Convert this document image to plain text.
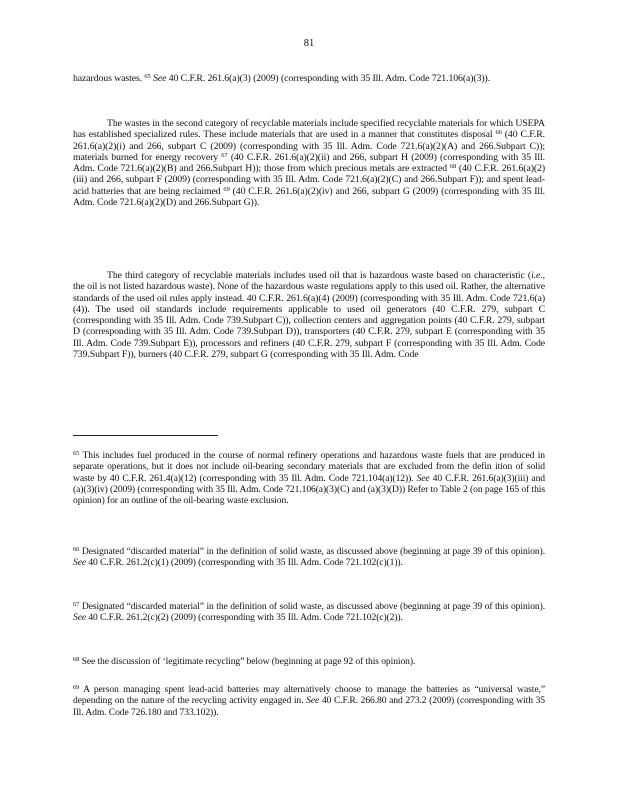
81

hazardous wastes. $^{65}$ See 40 C.F.R. 261.6(a)(3) (2009) (corresponding with 35 Ill. Adm. Code 721.106(a)(3)).

The wastes in the second category of recyclable materials include specified recyclable materials for which USEPA has established specialized rules. These include materials that are used in a manner that constitutes disposal $^{66}$ (40 C.F.R. 261.6(a)(2)(i) and 266, subpart C (2009) (corresponding with 35 Ill. Adm. Code 721.6(a)(2)(A) and 266.Subpart C)); materials burned for energy recovery $^{67}$ (40 C.F.R. 261.6(a)(2)(ii) and 266, subpart H (2009) (corresponding with 35 Ill. Adm. Code 721.6(a)(2)(B) and 266.Subpart H)); those from which precious metals are extracted $^{68}$ (40 C.F.R. 261.6(a)(2)(iii) and 266, subpart F (2009) (corresponding with 35 Ill. Adm. Code 721.6(a)(2)(C) and 266.Subpart F)); and spent lead-acid batteries that are being reclaimed $^{69}$ (40 C.F.R. 261.6(a)(2)(iv) and 266, subpart G (2009) (corresponding with 35 Ill. Adm. Code 721.6(a)(2)(D) and 266.Subpart G)).

The third category of recyclable materials includes used oil that is hazardous waste based on characteristic (i.e., the oil is not listed hazardous waste). None of the hazardous waste regulations apply to this used oil. Rather, the alternative standards of the used oil rules apply instead. 40 C.F.R. 261.6(a)(4) (2009) (corresponding with 35 Ill. Adm. Code 721.6(a)(4)). The used oil standards include requirements applicable to used oil generators (40 C.F.R. 279, subpart C (corresponding with 35 Ill. Adm. Code 739.Subpart C)), collection centers and aggregation points (40 C.F.R. 279, subpart D (corresponding with 35 Ill. Adm. Code 739.Subpart D)), transporters (40 C.F.R. 279, subpart E (corresponding with 35 Ill. Adm. Code 739.Subpart E)), processors and refiners (40 C.F.R. 279, subpart F (corresponding with 35 Ill. Adm. Code 739.Subpart F)), burners (40 C.F.R. 279, subpart G (corresponding with 35 Ill. Adm. Code

$^{65}$ This includes fuel produced in the course of normal refinery operations and hazardous waste fuels that are produced in separate operations, but it does not include oil-bearing secondary materials that are excluded from the defin ition of solid waste by 40 C.F.R. 261.4(a)(12) (corresponding with 35 Ill. Adm. Code 721.104(a)(12)). See 40 C.F.R. 261.6(a)(3)(iii) and (a)(3)(iv) (2009) (corresponding with 35 Ill. Adm. Code 721.106(a)(3)(C) and (a)(3)(D)) Refer to Table 2 (on page 165 of this opinion) for an outline of the oil-bearing waste exclusion.

$^{66}$ Designated “discarded material” in the definition of solid waste, as discussed above (beginning at page 39 of this opinion). See 40 C.F.R. 261.2(c)(1) (2009) (corresponding with 35 Ill. Adm. Code 721.102(c)(1)).

$^{67}$ Designated “discarded material” in the definition of solid waste, as discussed above (beginning at page 39 of this opinion). See 40 C.F.R. 261.2(c)(2) (2009) (corresponding with 35 Ill. Adm. Code 721.102(c)(2)).

$^{68}$ See the discussion of ‘legitimate recycling” below (beginning at page 92 of this opinion).

$^{69}$ A person managing spent lead-acid batteries may alternatively choose to manage the batteries as “universal waste,” depending on the nature of the recycling activity engaged in. See 40 C.F.R. 266.80 and 273.2 (2009) (corresponding with 35 Ill. Adm. Code 726.180 and 733.102)).
